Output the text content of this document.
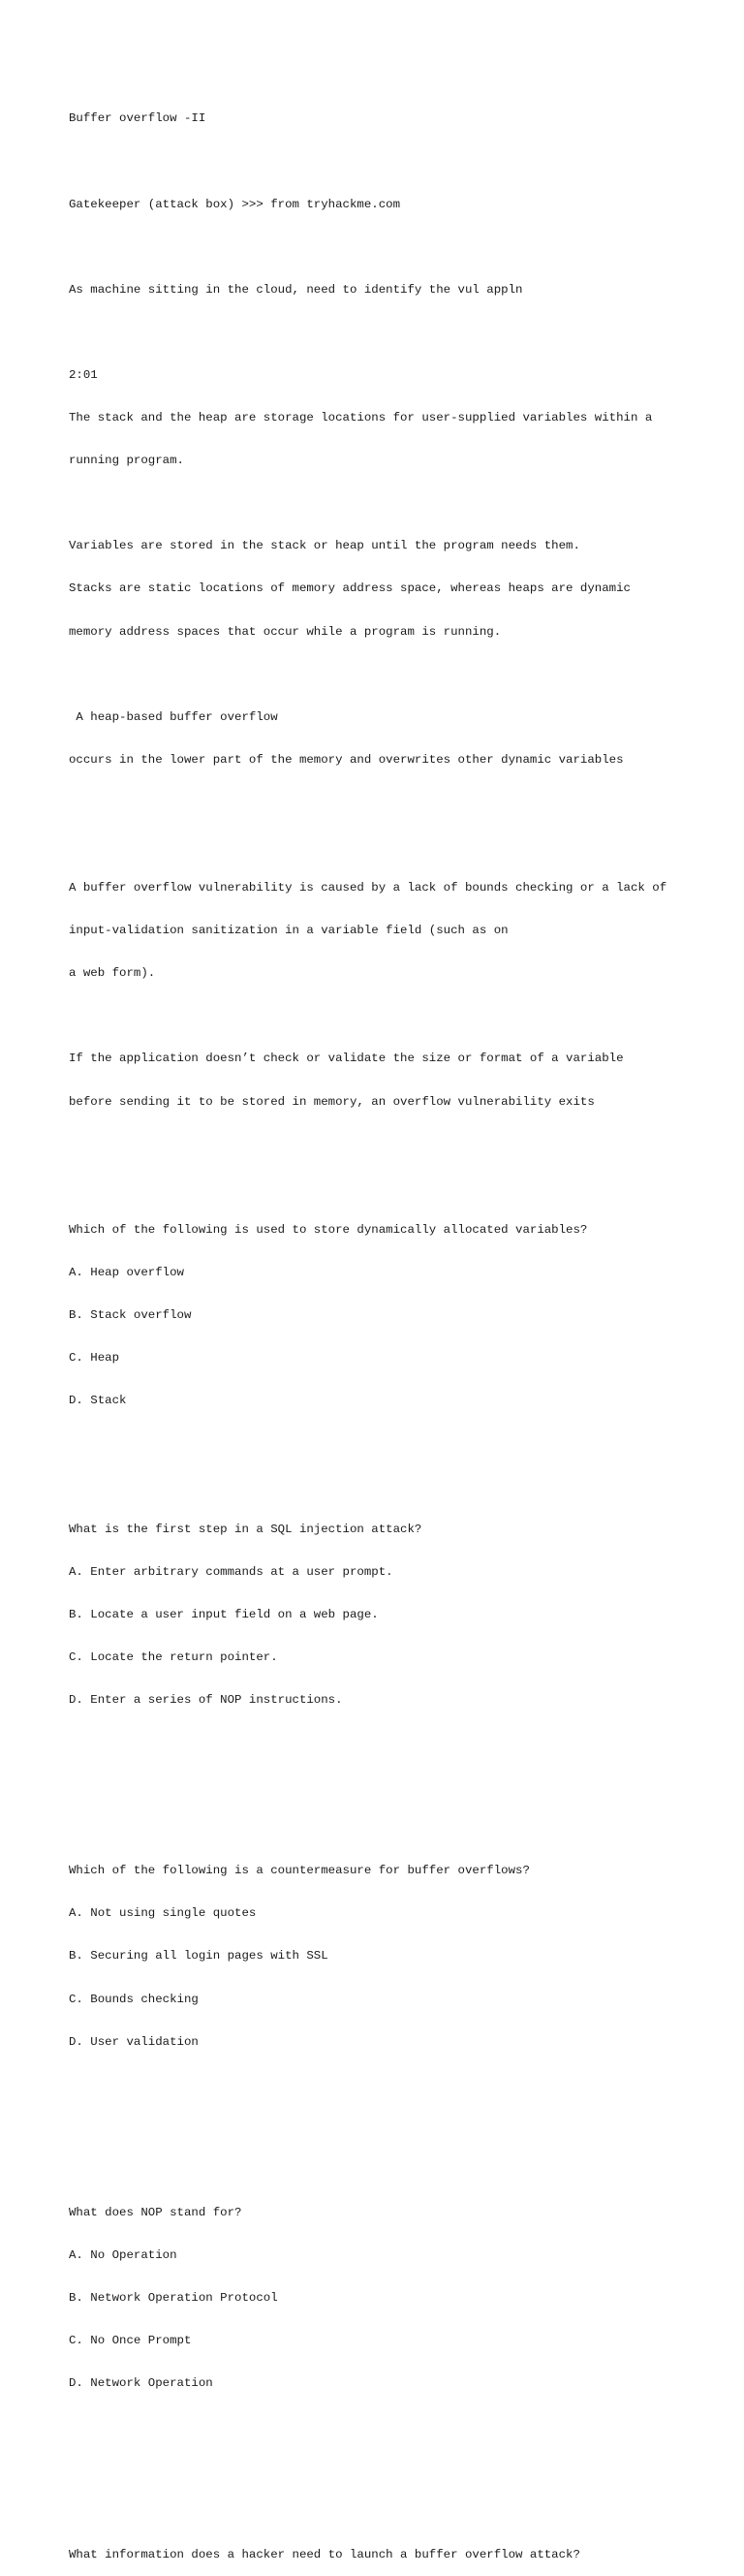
Buffer overflow -II

Gatekeeper (attack box) >>> from tryhackme.com

As machine sitting in the cloud, need to identify the vul appln

2:01

The stack and the heap are storage locations for user-supplied variables within a

running program.

Variables are stored in the stack or heap until the program needs them.

Stacks are static locations of memory address space, whereas heaps are dynamic

memory address spaces that occur while a program is running.

A heap-based buffer overflow

occurs in the lower part of the memory and overwrites other dynamic variables

A buffer overflow vulnerability is caused by a lack of bounds checking or a lack of

input-validation sanitization in a variable field (such as on

a web form).

If the application doesn’t check or validate the size or format of a variable

before sending it to be stored in memory, an overflow vulnerability exits

Which of the following is used to store dynamically allocated variables?

A. Heap overflow

B. Stack overflow

C. Heap

D. Stack

What is the first step in a SQL injection attack?

A. Enter arbitrary commands at a user prompt.

B. Locate a user input field on a web page.

C. Locate the return pointer.

D. Enter a series of NOP instructions.

Which of the following is a countermeasure for buffer overflows?

A. Not using single quotes

B. Securing all login pages with SSL

C. Bounds checking

D. User validation

What does NOP stand for?

A. No Operation

B. Network Operation Protocol

C. No Once Prompt

D. Network Operation

What information does a hacker need to launch a buffer overflow attack?
